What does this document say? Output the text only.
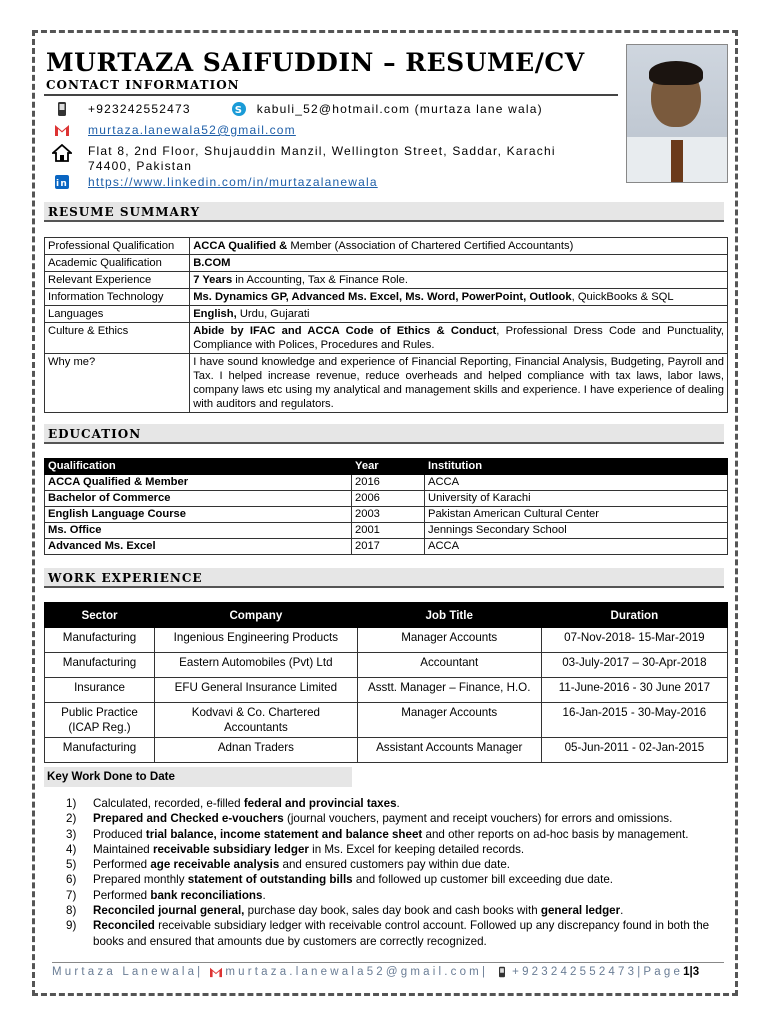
MURTAZA SAIFUDDIN – RESUME/CV
CONTACT INFORMATION
+923242552473	S kabuli_52@hotmail.com (murtaza lane wala)
murtaza.lanewala52@gmail.com
Flat 8, 2nd Floor, Shujauddin Manzil, Wellington Street, Saddar, Karachi
74400, Pakistan
in https://www.linkedin.com/in/murtazalanewala
RESUME SUMMARY
Professional Qualification	ACCA Qualified & Member (Association of Chartered Certified Accountants)
Academic Qualification	B.COM
Relevant Experience	7 Years in Accounting, Tax & Finance Role.
Information Technology	Ms. Dynamics GP, Advanced Ms. Excel, Ms. Word, PowerPoint, Outlook, QuickBooks & SQL
Languages	English, Urdu, Gujarati
Culture & Ethics	Abide by IFAC and ACCA Code of Ethics & Conduct, Professional Dress Code and Punctuality, Compliance with Polices, Procedures and Rules.
Why me?	I have sound knowledge and experience of Financial Reporting, Financial Analysis, Budgeting, Payroll and Tax. I helped increase revenue, reduce overheads and helped compliance with tax laws, labor laws, company laws etc using my analytical and management skills and experience. I have experience of dealing with auditors and regulators.
EDUCATION
Qualification	Year	Institution
ACCA Qualified & Member	2016	ACCA
Bachelor of Commerce	2006	University of Karachi
English Language Course	2003	Pakistan American Cultural Center
Ms. Office	2001	Jennings Secondary School
Advanced Ms. Excel	2017	ACCA
WORK EXPERIENCE
Sector	Company	Job Title	Duration
Manufacturing	Ingenious Engineering Products	Manager Accounts	07-Nov-2018- 15-Mar-2019
Manufacturing	Eastern Automobiles (Pvt) Ltd	Accountant	03-July-2017 – 30-Apr-2018
Insurance	EFU General Insurance Limited	Asstt. Manager – Finance, H.O.	11-June-2016 - 30 June 2017
Public Practice (ICAP Reg.)	Kodvavi & Co. Chartered Accountants	Manager Accounts	16-Jan-2015 - 30-May-2016
Manufacturing	Adnan Traders	Assistant Accounts Manager	05-Jun-2011 - 02-Jan-2015
Key Work Done to Date
1)	Calculated, recorded, e-filled federal and provincial taxes.
2)	Prepared and Checked e-vouchers (journal vouchers, payment and receipt vouchers) for errors and omissions.
3)	Produced trial balance, income statement and balance sheet and other reports on ad-hoc basis by management.
4)	Maintained receivable subsidiary ledger in Ms. Excel for keeping detailed records.
5)	Performed age receivable analysis and ensured customers pay within due date.
6)	Prepared monthly statement of outstanding bills and followed up customer bill exceeding due date.
7)	Performed bank reconciliations.
8)	Reconciled journal general, purchase day book, sales day book and cash books with general ledger.
9)	Reconciled receivable subsidiary ledger with receivable control account. Followed up any discrepancy found in both the books and ensured that amounts due by customers are correctly recognized.
Murtaza Lanewala| murtaza.lanewala52@gmail.com| +923242552473|Page 1|3
